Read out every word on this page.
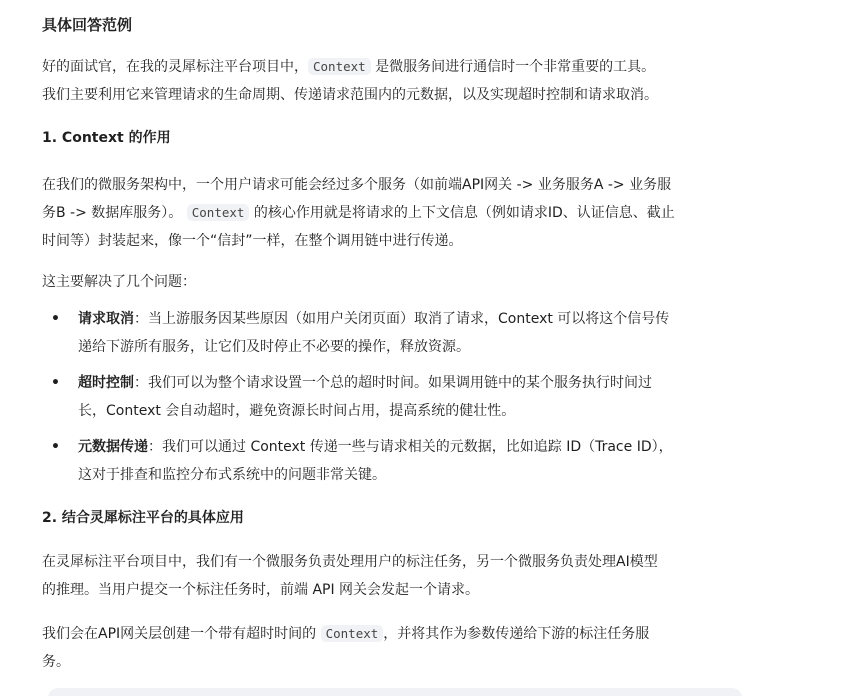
具体回答范例
好的面试官，在我的灵犀标注平台项目中， Context 是微服务间进行通信时一个非常重要的工具。
我们主要利用它来管理请求的生命周期、传递请求范围内的元数据，以及实现超时控制和请求取消。
1. Context 的作用
在我们的微服务架构中，一个用户请求可能会经过多个服务（如前端API网关 -> 业务服务A -> 业务服
务B -> 数据库服务）。 Context 的核心作用就是将请求的上下文信息（例如请求ID、认证信息、截止
时间等）封装起来，像一个“信封”一样，在整个调用链中进行传递。
这主要解决了几个问题：
• 请求取消：当上游服务因某些原因（如用户关闭页面）取消了请求，Context 可以将这个信号传
递给下游所有服务，让它们及时停止不必要的操作，释放资源。
• 超时控制：我们可以为整个请求设置一个总的超时时间。如果调用链中的某个服务执行时间过
长，Context 会自动超时，避免资源长时间占用，提高系统的健壮性。
• 元数据传递：我们可以通过 Context 传递一些与请求相关的元数据，比如追踪 ID（Trace ID），
这对于排查和监控分布式系统中的问题非常关键。
2. 结合灵犀标注平台的具体应用
在灵犀标注平台项目中，我们有一个微服务负责处理用户的标注任务，另一个微服务负责处理AI模型
的推理。当用户提交一个标注任务时，前端 API 网关会发起一个请求。
我们会在API网关层创建一个带有超时时间的 Context ，并将其作为参数传递给下游的标注任务服
务。
